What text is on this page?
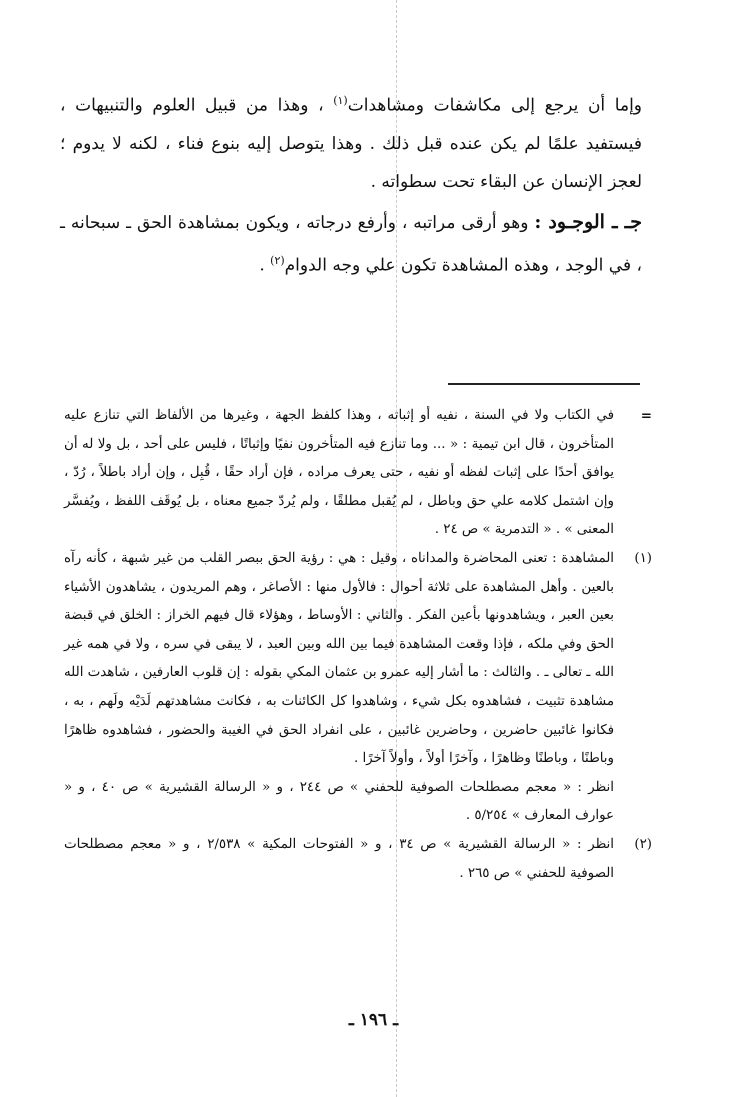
وإما أن يرجع إلى مكاشفات ومشاهدات$^{(١)}$ ، وهذا من قبيل العلوم والتنبيهات ، فيستفيد علمًا لم يكن عنده قبل ذلك . وهذا يتوصل إليه بنوع فناء ، لكنه لا يدوم ؛ لعجز الإنسان عن البقاء تحت سطواته .

جـ ـ الوجـود : وهو أرقى مراتبه ، وأرفع درجاته ، ويكون بمشاهدة الحق ـ سبحانه ـ ، في الوجد ، وهذه المشاهدة تكون علي وجه الدوام$^{(٢)}$ .

=
في الكتاب ولا في السنة ، نفيه أو إثباته ، وهذا كلفظ الجهة ، وغيرها من الألفاظ التي تنازع عليه المتأخرون ، قال ابن تيمية : « ... وما تنازع فيه المتأخرون نفيًا وإثباتًا ، فليس على أحد ، بل ولا له أن يوافق أحدًا على إثبات لفظه أو نفيه ، حتى يعرف مراده ، فإن أراد حقًا ، قُبِل ، وإن أراد باطلاً ، رُدّ ، وإن اشتمل كلامه علي حق وباطل ، لم يُقبل مطلقًا ، ولم يُردّ جميع معناه ، بل يُوقَف اللفظ ، ويُفسَّر المعنى » . « التدمرية » ص ٢٤ .

(١)
المشاهدة : تعنى المحاضرة والمداناه ، وقيل : هي : رؤية الحق ببصر القلب من غير شبهة ، كأنه رآه بالعين . وأهل المشاهدة على ثلاثة أحوال : فالأول منها : الأصاغر ، وهم المريدون ، يشاهدون الأشياء بعين العبر ، ويشاهدونها بأعين الفكر . والثاني : الأوساط ، وهؤلاء قال فيهم الخراز : الخلق في قبضة الحق وفي ملكه ، فإذا وقعت المشاهدة فيما بين الله وبين العبد ، لا يبقى في سره ، ولا في همه غير الله ـ تعالى ـ . والثالث : ما أشار إليه عمرو بن عثمان المكي بقوله : إن قلوب العارفين ، شاهدت الله مشاهدة تثبيت ، فشاهدوه بكل شيء ، وشاهدوا كل الكائنات به ، فكانت مشاهدتهم لَدَيْه ولَهم ، به ، فكانوا غائبين حاضرين ، وحاضرين غائبين ، على انفراد الحق في الغيبة والحضور ، فشاهدوه ظاهرًا وباطنًا ، وباطنًا وظاهرًا ، وآخرًا أولاً ، وأولاً آخرًا .

انظر : « معجم مصطلحات الصوفية للحفني » ص ٢٤٤ ، و « الرسالة القشيرية » ص ٤٠ ، و « عوارف المعارف » ٥/٢٥٤ .

(٢)
انظر : « الرسالة القشيرية » ص ٣٤ ، و « الفتوحات المكية » ٢/٥٣٨ ، و « معجم مصطلحات الصوفية للحفني » ص ٢٦٥ .

ـ ١٩٦ ـ
